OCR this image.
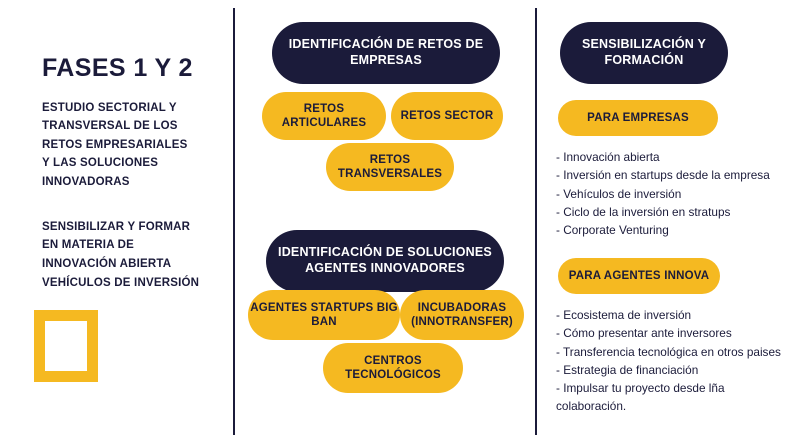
FASES 1 Y 2
ESTUDIO SECTORIAL Y
TRANSVERSAL DE LOS
RETOS EMPRESARIALES
Y LAS SOLUCIONES
INNOVADORAS
SENSIBILIZAR Y FORMAR
EN MATERIA DE
INNOVACIÓN ABIERTA
VEHÍCULOS DE INVERSIÓN
IDENTIFICACIÓN DE RETOS DE EMPRESAS
RETOS ARTICULARES
RETOS SECTOR
RETOS TRANSVERSALES
IDENTIFICACIÓN DE SOLUCIONES AGENTES INNOVADORES
AGENTES STARTUPS BIG BAN
INCUBADORAS (INNOTRANSFER)
CENTROS TECNOLÓGICOS
SENSIBILIZACIÓN Y FORMACIÓN
PARA EMPRESAS
- Innovación abierta
- Inversión en startups desde la empresa
- Vehículos de inversión
- Ciclo de la inversión en stratups
- Corporate Venturing
PARA AGENTES INNOVA
- Ecosistema de inversión
- Cómo presentar ante inversores
- Transferencia tecnológica en otros paises
- Estrategia de financiación
- Impulsar tu proyecto desde lña colaboración.
